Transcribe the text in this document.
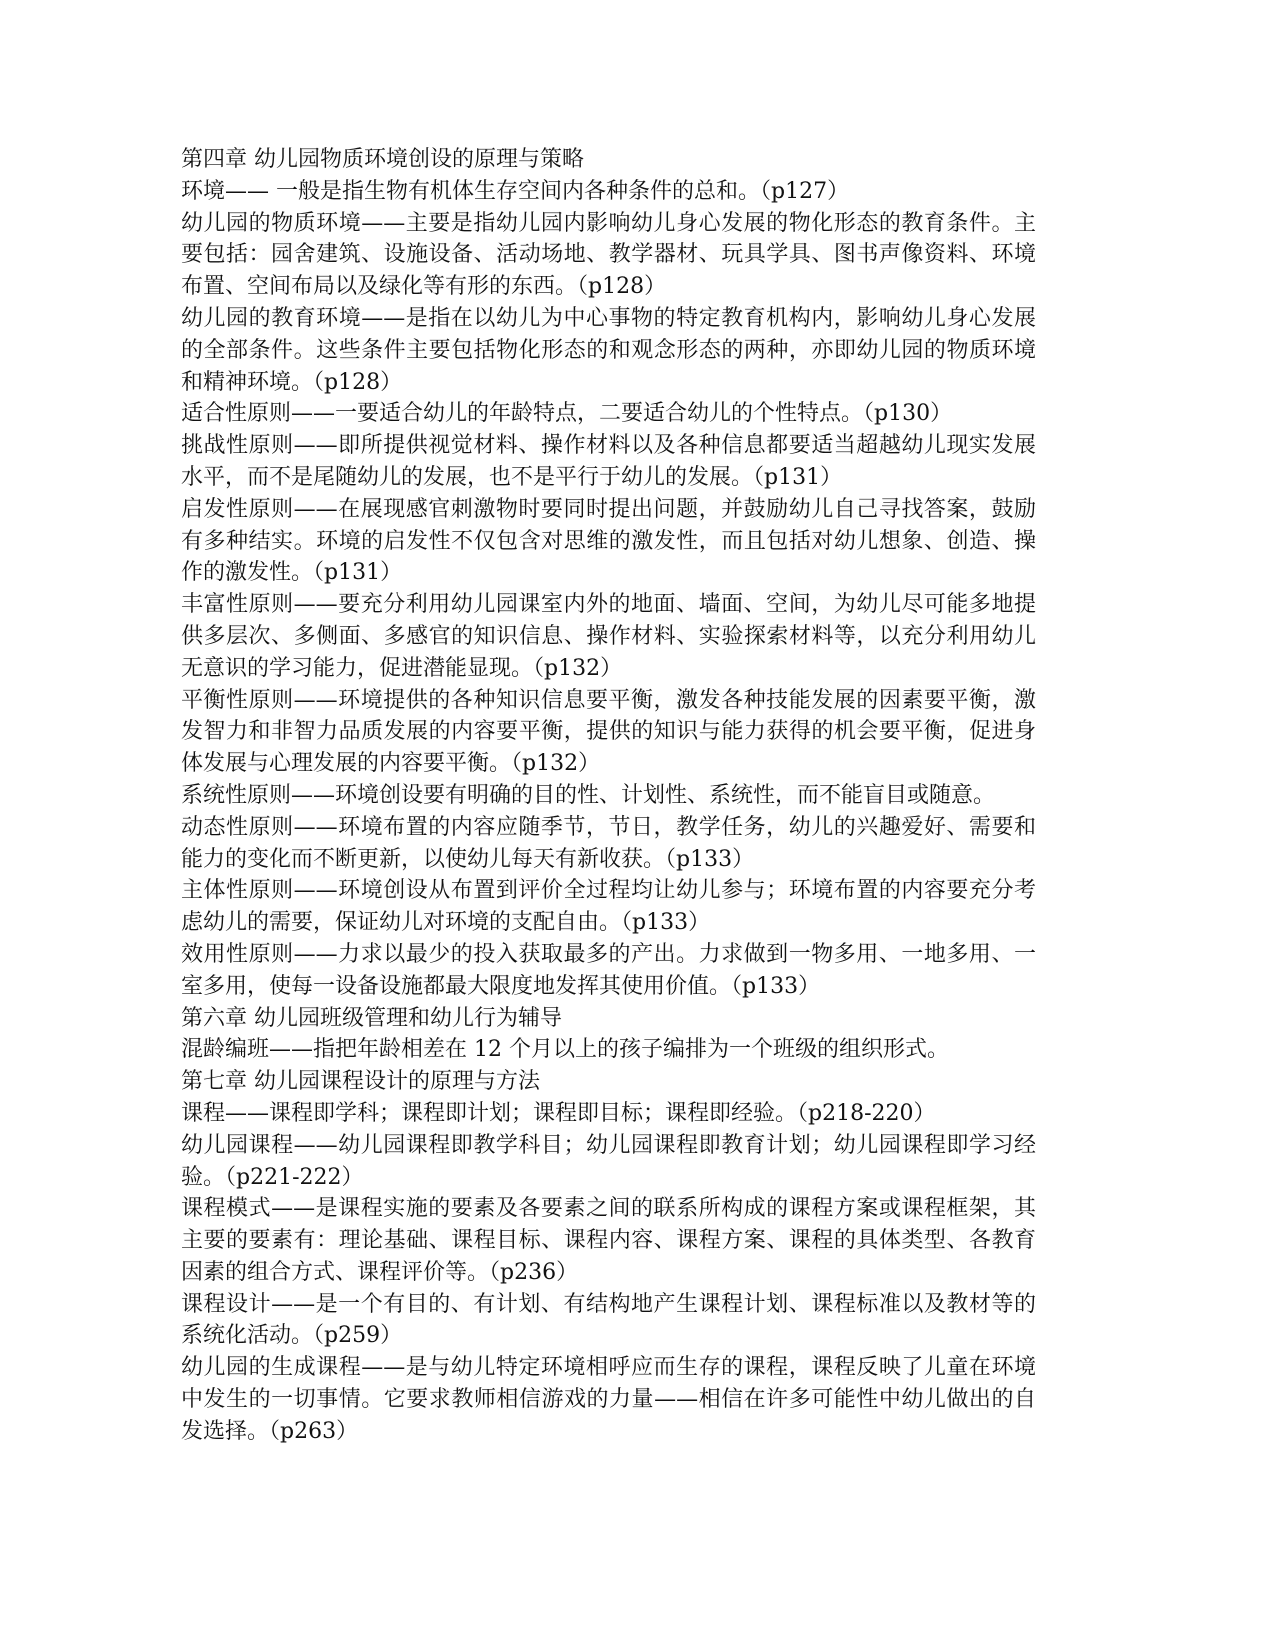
第四章 幼儿园物质环境创设的原理与策略

环境—— 一般是指生物有机体生存空间内各种条件的总和。（p127）

幼儿园的物质环境——主要是指幼儿园内影响幼儿身心发展的物化形态的教育条件。主要包括：园舍建筑、设施设备、活动场地、教学器材、玩具学具、图书声像资料、环境布置、空间布局以及绿化等有形的东西。（p128）

幼儿园的教育环境——是指在以幼儿为中心事物的特定教育机构内，影响幼儿身心发展的全部条件。这些条件主要包括物化形态的和观念形态的两种，亦即幼儿园的物质环境和精神环境。（p128）

适合性原则——一要适合幼儿的年龄特点，二要适合幼儿的个性特点。（p130）

挑战性原则——即所提供视觉材料、操作材料以及各种信息都要适当超越幼儿现实发展水平，而不是尾随幼儿的发展，也不是平行于幼儿的发展。（p131）

启发性原则——在展现感官刺激物时要同时提出问题，并鼓励幼儿自己寻找答案，鼓励有多种结实。环境的启发性不仅包含对思维的激发性，而且包括对幼儿想象、创造、操作的激发性。（p131）

丰富性原则——要充分利用幼儿园课室内外的地面、墙面、空间，为幼儿尽可能多地提供多层次、多侧面、多感官的知识信息、操作材料、实验探索材料等，以充分利用幼儿无意识的学习能力，促进潜能显现。（p132）

平衡性原则——环境提供的各种知识信息要平衡，激发各种技能发展的因素要平衡，激发智力和非智力品质发展的内容要平衡，提供的知识与能力获得的机会要平衡，促进身体发展与心理发展的内容要平衡。（p132）

系统性原则——环境创设要有明确的目的性、计划性、系统性，而不能盲目或随意。

动态性原则——环境布置的内容应随季节，节日，教学任务，幼儿的兴趣爱好、需要和能力的变化而不断更新，以使幼儿每天有新收获。（p133）

主体性原则——环境创设从布置到评价全过程均让幼儿参与；环境布置的内容要充分考虑幼儿的需要，保证幼儿对环境的支配自由。（p133）

效用性原则——力求以最少的投入获取最多的产出。力求做到一物多用、一地多用、一室多用，使每一设备设施都最大限度地发挥其使用价值。（p133）

第六章 幼儿园班级管理和幼儿行为辅导

混龄编班——指把年龄相差在 12 个月以上的孩子编排为一个班级的组织形式。

第七章 幼儿园课程设计的原理与方法

课程——课程即学科；课程即计划；课程即目标；课程即经验。（p218-220）

幼儿园课程——幼儿园课程即教学科目；幼儿园课程即教育计划；幼儿园课程即学习经验。（p221-222）

课程模式——是课程实施的要素及各要素之间的联系所构成的课程方案或课程框架，其主要的要素有：理论基础、课程目标、课程内容、课程方案、课程的具体类型、各教育因素的组合方式、课程评价等。（p236）

课程设计——是一个有目的、有计划、有结构地产生课程计划、课程标准以及教材等的系统化活动。（p259）

幼儿园的生成课程——是与幼儿特定环境相呼应而生存的课程，课程反映了儿童在环境中发生的一切事情。它要求教师相信游戏的力量——相信在许多可能性中幼儿做出的自发选择。（p263）
